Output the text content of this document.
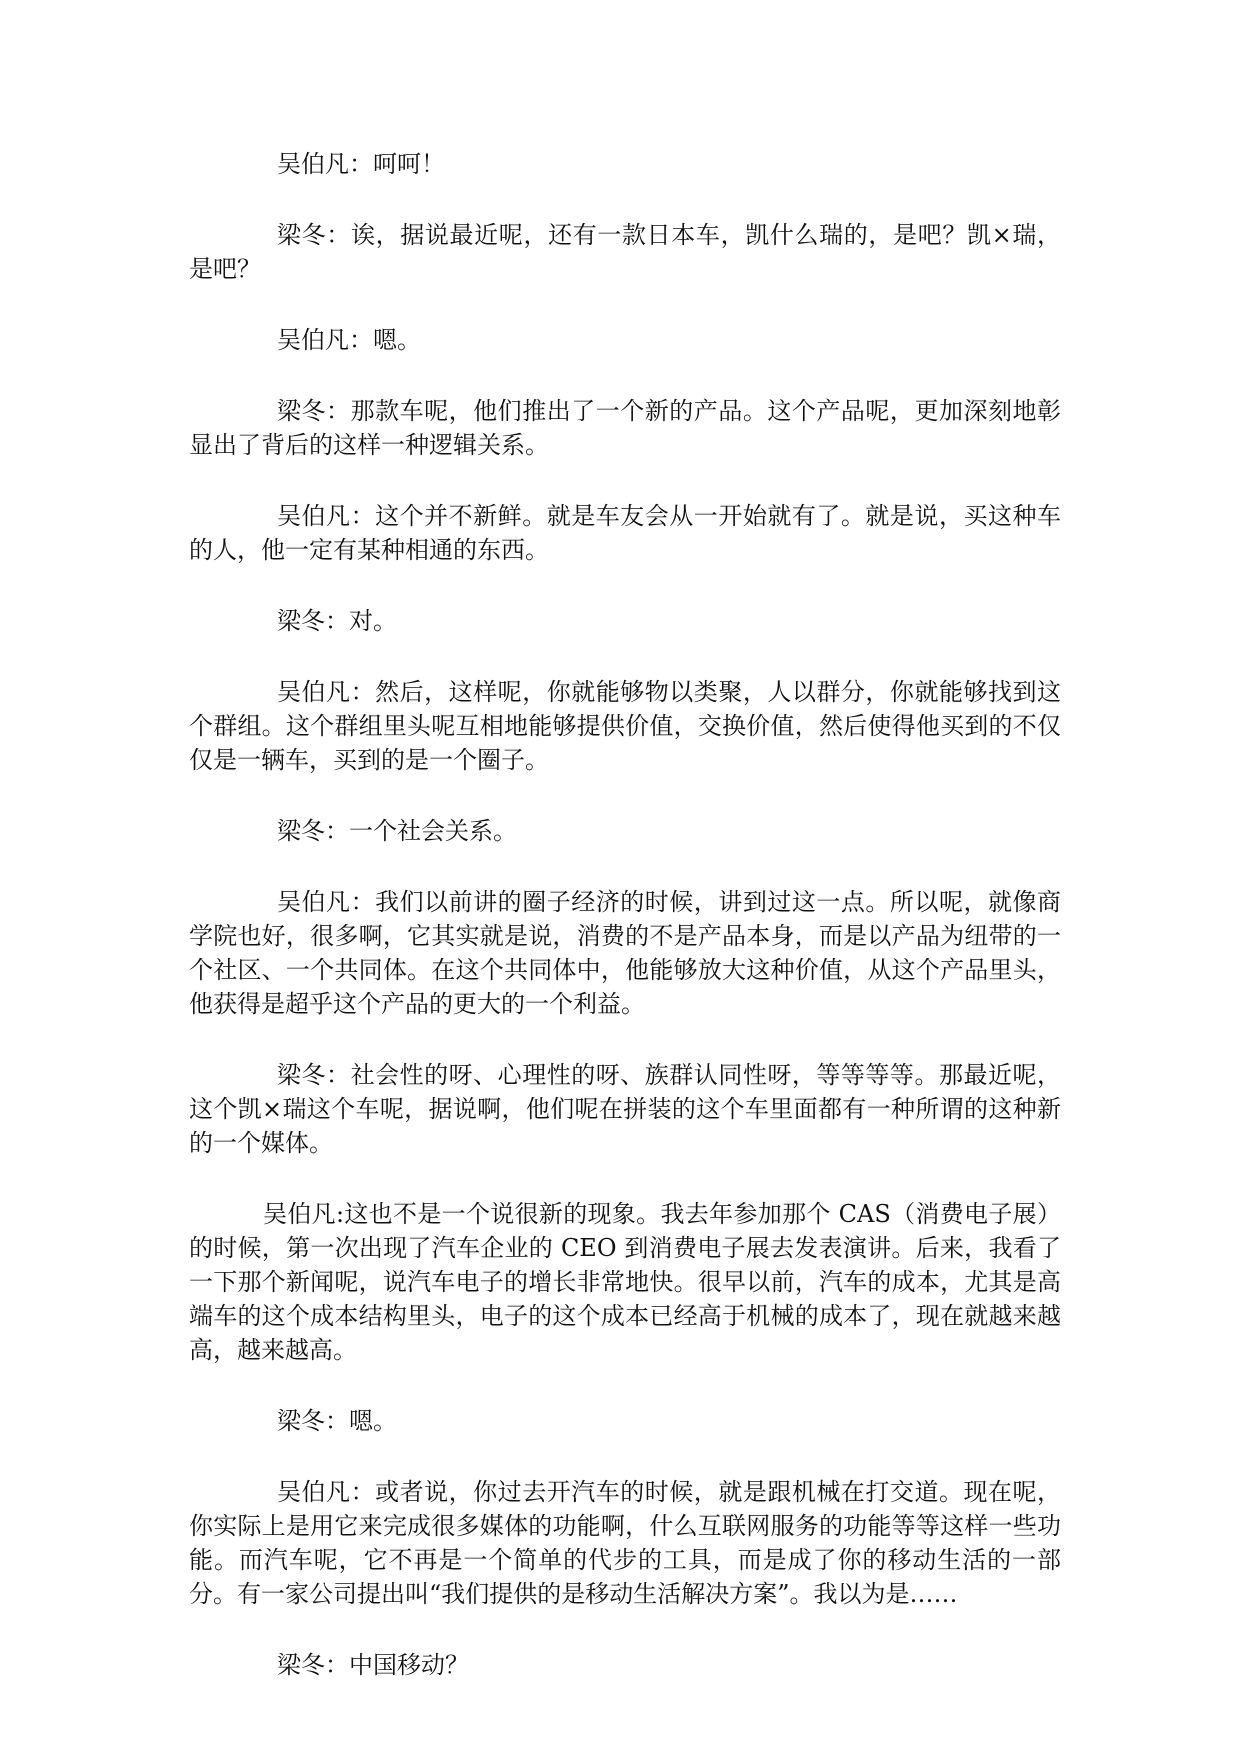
吴伯凡：呵呵！

梁冬：诶，据说最近呢，还有一款日本车，凯什么瑞的，是吧？凯×瑞，是吧？

吴伯凡：嗯。

梁冬：那款车呢，他们推出了一个新的产品。这个产品呢，更加深刻地彰显出了背后的这样一种逻辑关系。

吴伯凡：这个并不新鲜。就是车友会从一开始就有了。就是说，买这种车的人，他一定有某种相通的东西。

梁冬：对。

吴伯凡：然后，这样呢，你就能够物以类聚，人以群分，你就能够找到这个群组。这个群组里头呢互相地能够提供价值，交换价值，然后使得他买到的不仅仅是一辆车，买到的是一个圈子。

梁冬：一个社会关系。

吴伯凡：我们以前讲的圈子经济的时候，讲到过这一点。所以呢，就像商学院也好，很多啊，它其实就是说，消费的不是产品本身，而是以产品为纽带的一个社区、一个共同体。在这个共同体中，他能够放大这种价值，从这个产品里头，他获得是超乎这个产品的更大的一个利益。

梁冬：社会性的呀、心理性的呀、族群认同性呀，等等等等。那最近呢，这个凯×瑞这个车呢，据说啊，他们呢在拼装的这个车里面都有一种所谓的这种新的一个媒体。

吴伯凡:这也不是一个说很新的现象。我去年参加那个 CAS（消费电子展）的时候，第一次出现了汽车企业的 CEO 到消费电子展去发表演讲。后来，我看了一下那个新闻呢，说汽车电子的增长非常地快。很早以前，汽车的成本，尤其是高端车的这个成本结构里头，电子的这个成本已经高于机械的成本了，现在就越来越高，越来越高。

梁冬：嗯。

吴伯凡：或者说，你过去开汽车的时候，就是跟机械在打交道。现在呢，你实际上是用它来完成很多媒体的功能啊，什么互联网服务的功能等等这样一些功能。而汽车呢，它不再是一个简单的代步的工具，而是成了你的移动生活的一部分。有一家公司提出叫“我们提供的是移动生活解决方案”。我以为是……

梁冬：中国移动？
